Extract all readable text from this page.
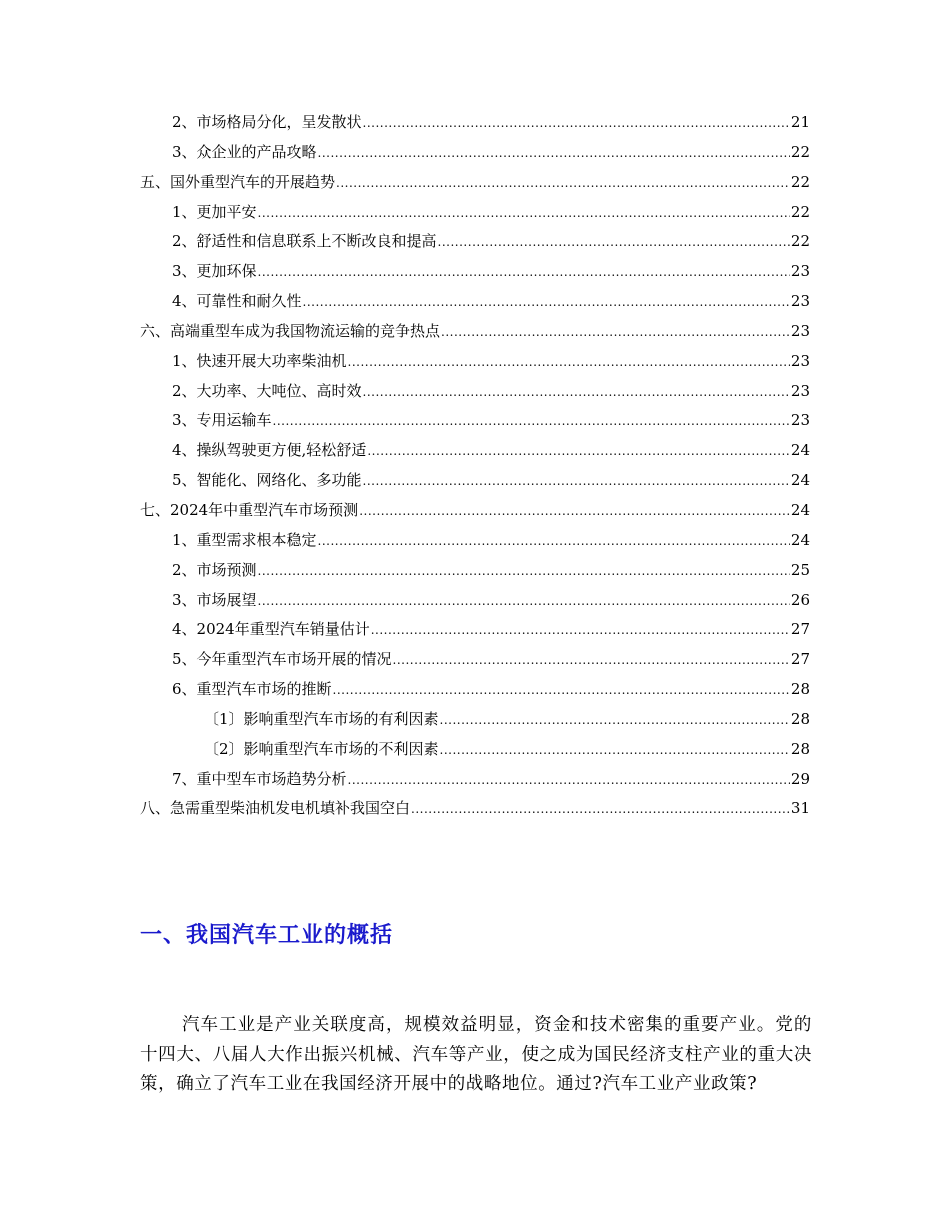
2、市场格局分化，呈发散状 .....	21
3、众企业的产品攻略 .....	22
五、国外重型汽车的开展趋势 .....	22
1、更加平安 .....	22
2、舒适性和信息联系上不断改良和提高 .....	22
3、更加环保 .....	23
4、可靠性和耐久性 .....	23
六、高端重型车成为我国物流运输的竞争热点 .....	23
1、快速开展大功率柴油机 .....	23
2、大功率、大吨位、高时效 .....	23
3、专用运输车 .....	23
4、操纵驾驶更方便,轻松舒适 .....	24
5、智能化、网络化、多功能 .....	24
七、2024年中重型汽车市场预测 .....	24
1、重型需求根本稳定 .....	24
2、市场预测 .....	25
3、市场展望 .....	26
4、2024年重型汽车销量估计 .....	27
5、今年重型汽车市场开展的情况 .....	27
6、重型汽车市场的推断 .....	28
〔1〕影响重型汽车市场的有利因素 .....	28
〔2〕影响重型汽车市场的不利因素 .....	28
7、重中型车市场趋势分析 .....	29
八、急需重型柴油机发电机填补我国空白 .....	31
一、我国汽车工业的概括
汽车工业是产业关联度高，规模效益明显，资金和技术密集的重要产业。党的十四大、八届人大作出振兴机械、汽车等产业，使之成为国民经济支柱产业的重大决策，确立了汽车工业在我国经济开展中的战略地位。通过?汽车工业产业政策?
